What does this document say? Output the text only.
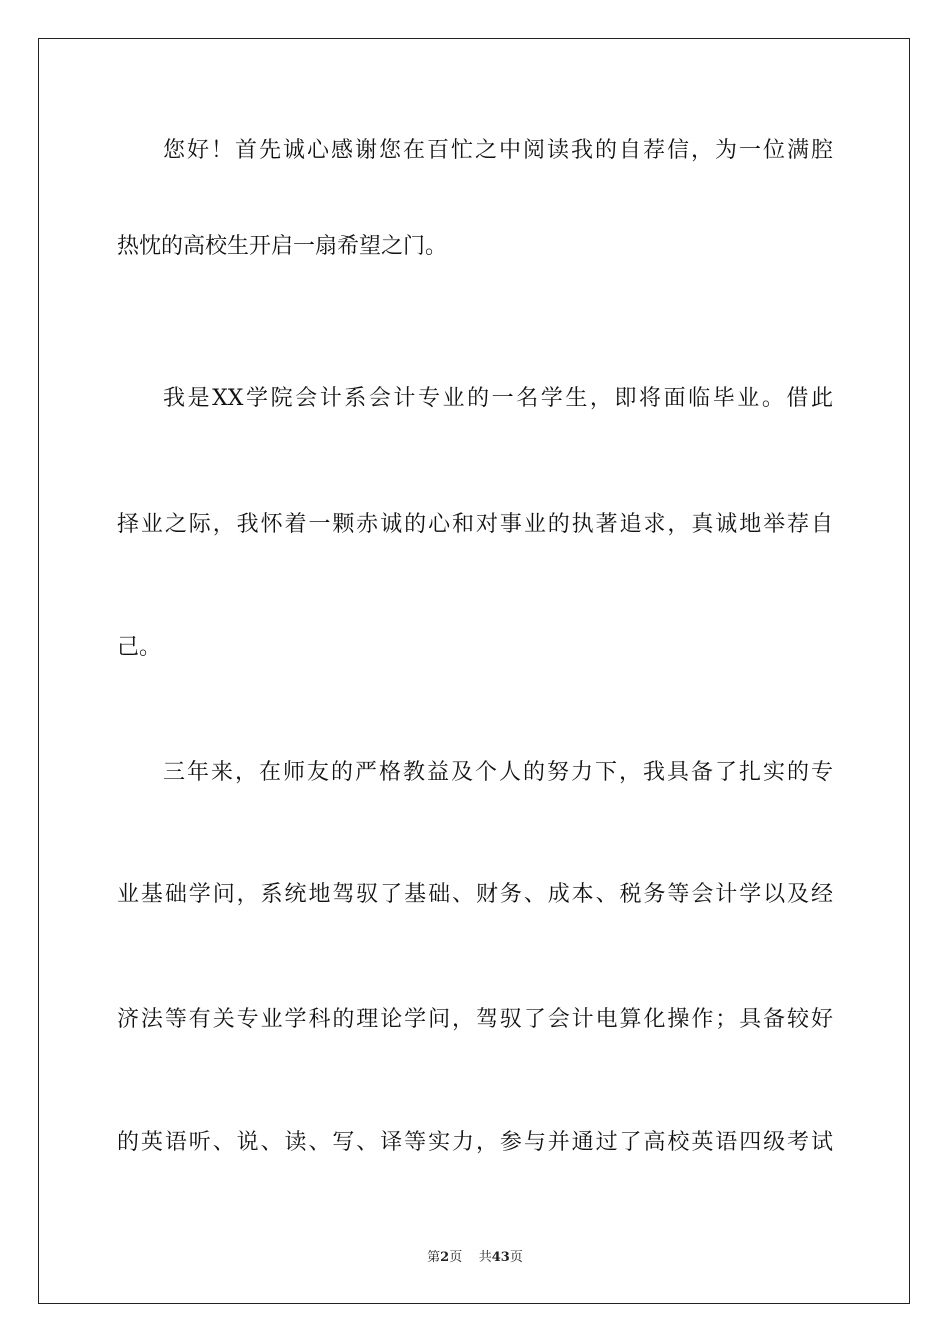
您好！首先诚心感谢您在百忙之中阅读我的自荐信，为一位满腔
热忱的高校生开启一扇希望之门。
我是XX学院会计系会计专业的一名学生，即将面临毕业。借此
择业之际，我怀着一颗赤诚的心和对事业的执著追求，真诚地举荐自
己。
三年来，在师友的严格教益及个人的努力下，我具备了扎实的专
业基础学问，系统地驾驭了基础、财务、成本、税务等会计学以及经
济法等有关专业学科的理论学问，驾驭了会计电算化操作；具备较好
的英语听、说、读、写、译等实力，参与并通过了高校英语四级考试
第2页 共43页
